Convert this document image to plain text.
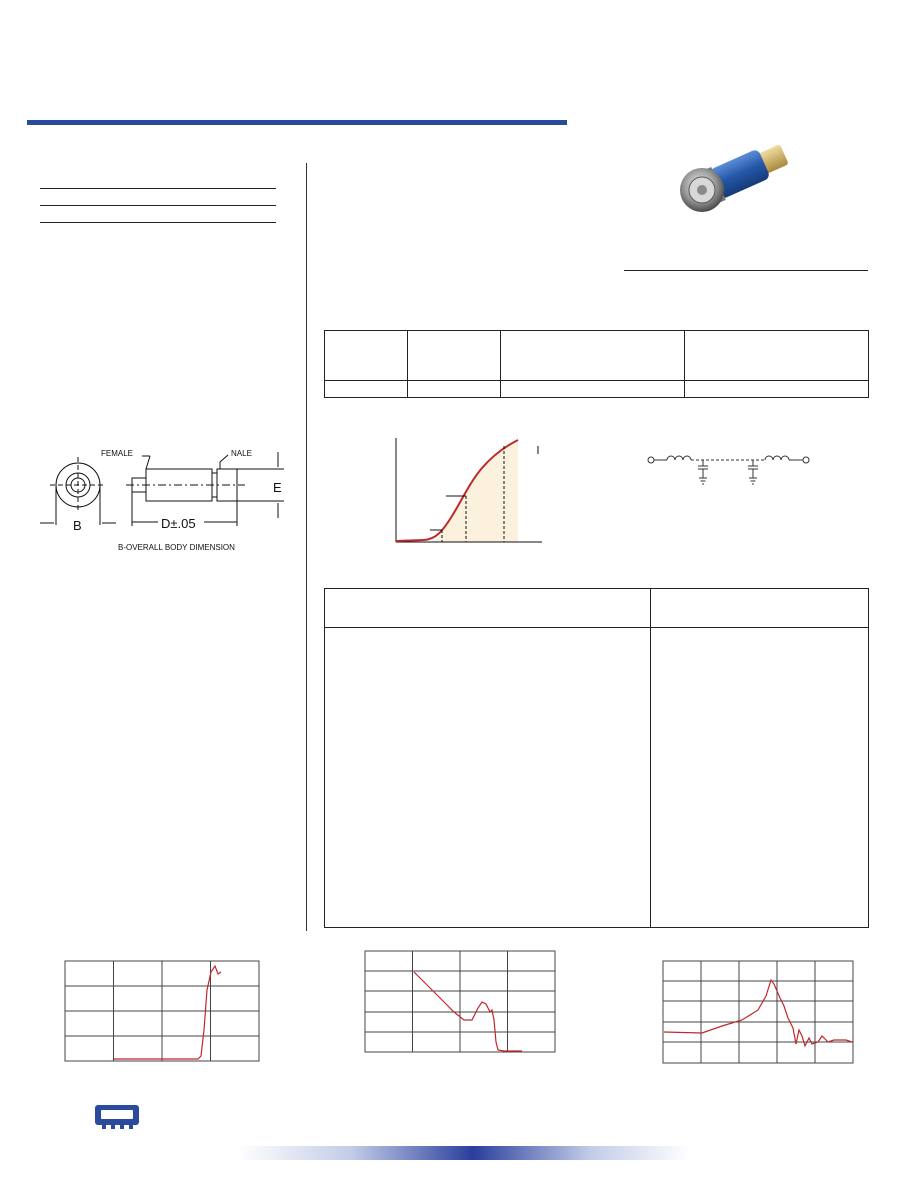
FEMALE	NALE
B	D±.05
E
B-OVERALL BODY DIMENSION
